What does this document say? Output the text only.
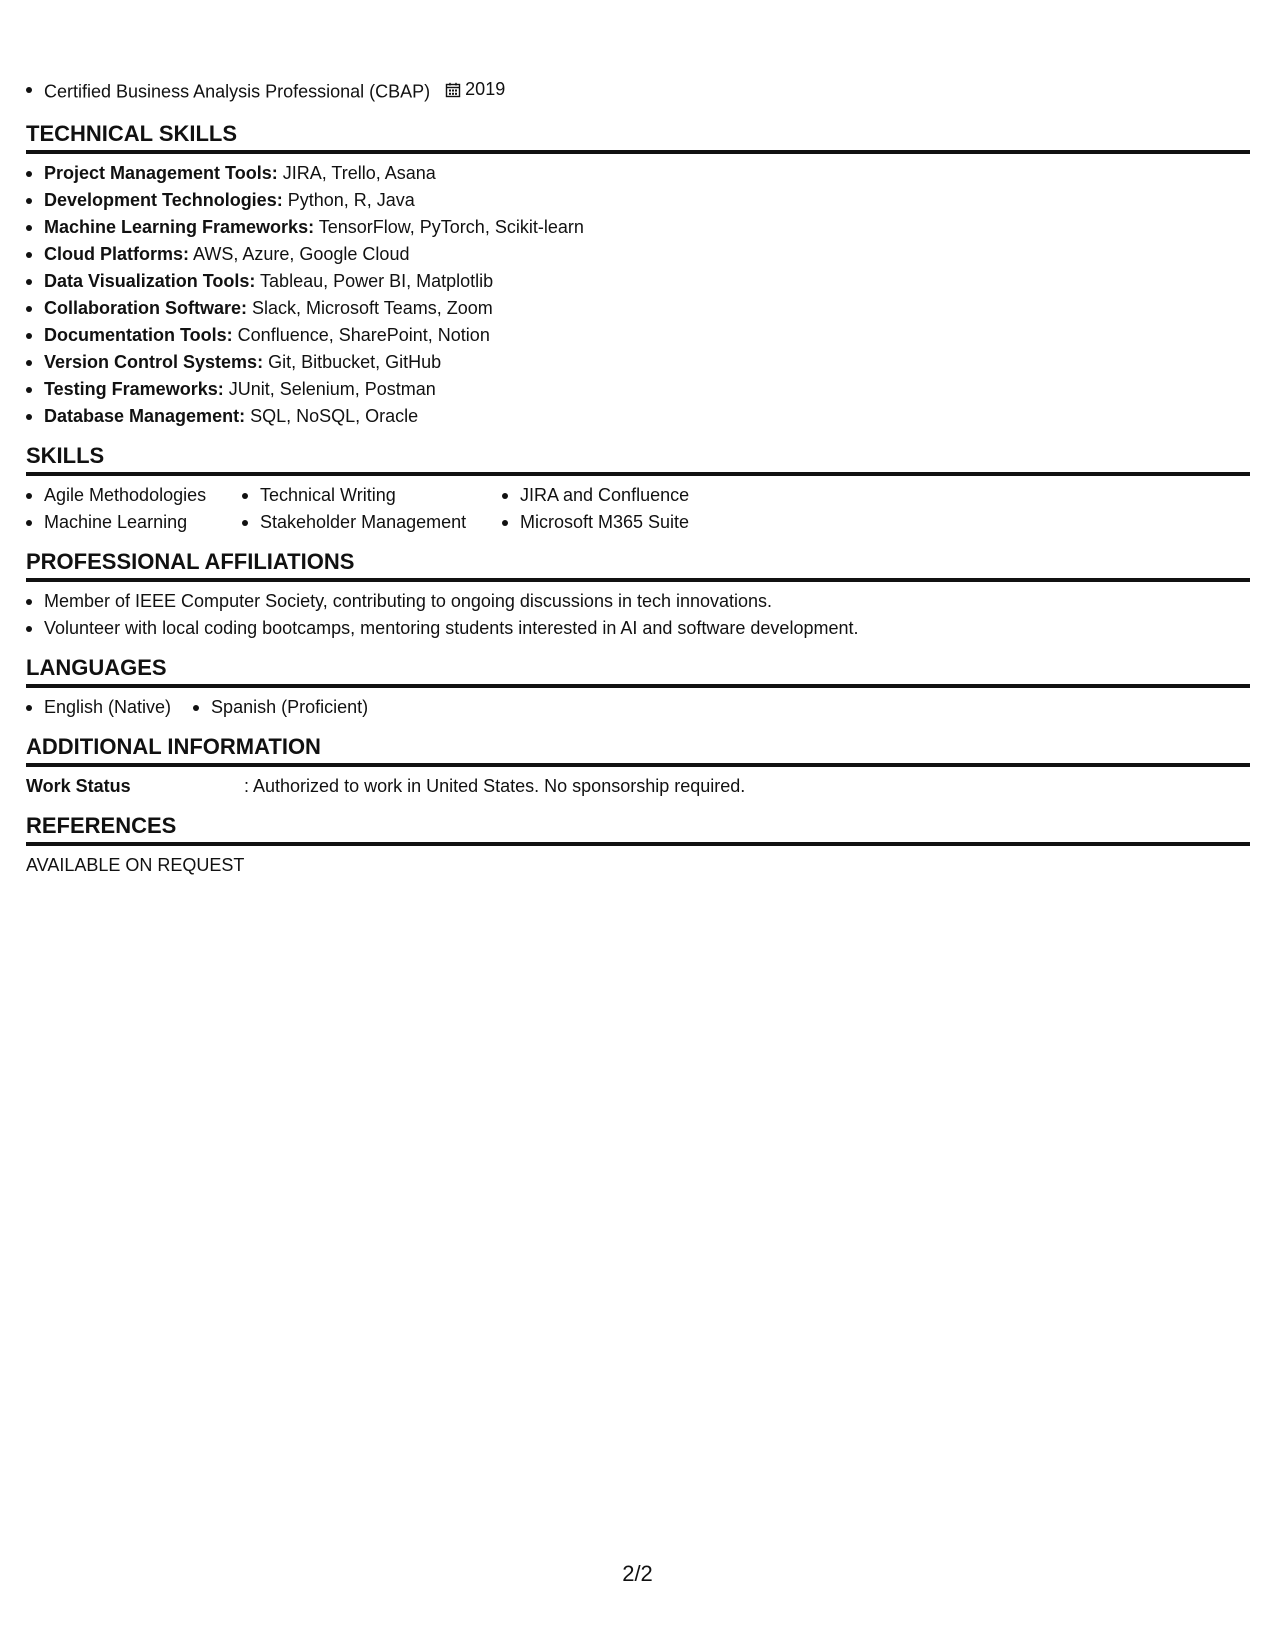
Certified Business Analysis Professional (CBAP) 2019
TECHNICAL SKILLS
Project Management Tools: JIRA, Trello, Asana
Development Technologies: Python, R, Java
Machine Learning Frameworks: TensorFlow, PyTorch, Scikit-learn
Cloud Platforms: AWS, Azure, Google Cloud
Data Visualization Tools: Tableau, Power BI, Matplotlib
Collaboration Software: Slack, Microsoft Teams, Zoom
Documentation Tools: Confluence, SharePoint, Notion
Version Control Systems: Git, Bitbucket, GitHub
Testing Frameworks: JUnit, Selenium, Postman
Database Management: SQL, NoSQL, Oracle
SKILLS
Agile Methodologies
Machine Learning
Technical Writing
Stakeholder Management
JIRA and Confluence
Microsoft M365 Suite
PROFESSIONAL AFFILIATIONS
Member of IEEE Computer Society, contributing to ongoing discussions in tech innovations.
Volunteer with local coding bootcamps, mentoring students interested in AI and software development.
LANGUAGES
English (Native) Spanish (Proficient)
ADDITIONAL INFORMATION
Work Status	: Authorized to work in United States. No sponsorship required.
REFERENCES
AVAILABLE ON REQUEST
2/2
